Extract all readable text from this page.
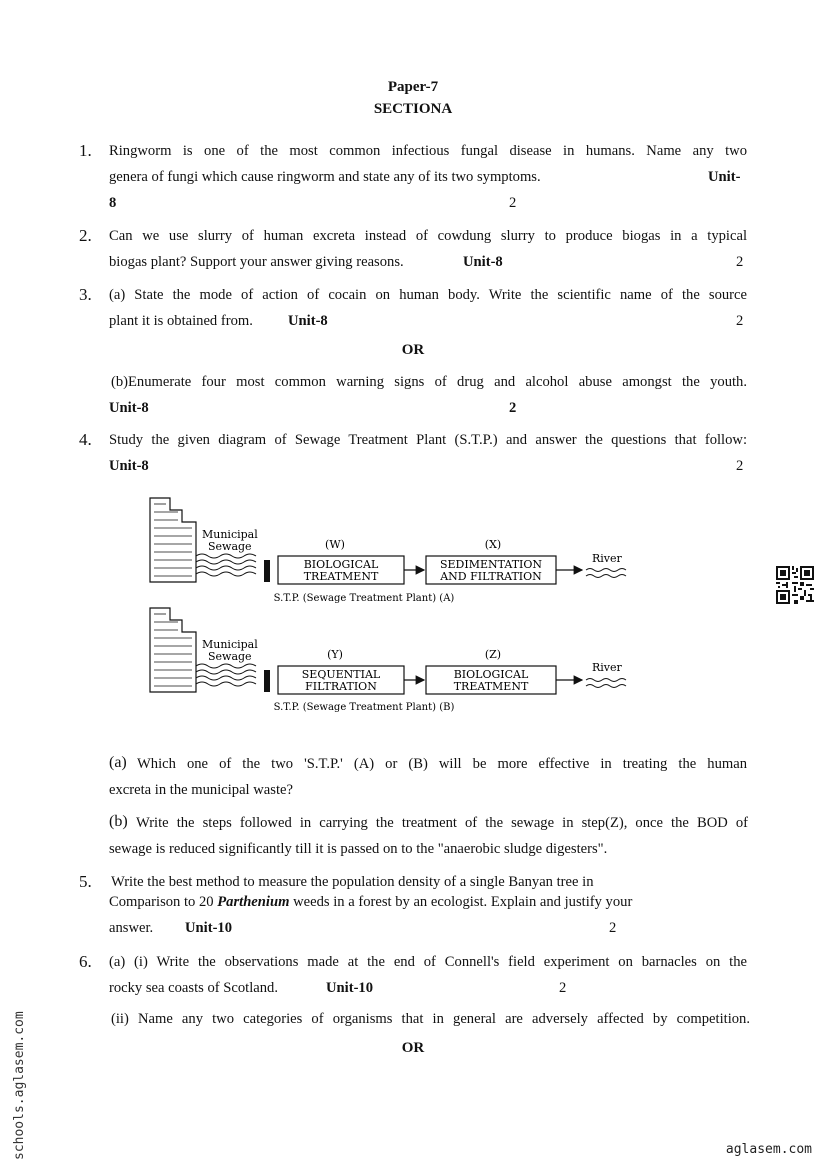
Paper-7
SECTIONA
1. Ringworm is one of the most common infectious fungal disease in humans. Name any two
genera of fungi which cause ringworm and state any of its two symptoms.	Unit-
8	2
2. Can we use slurry of human excreta instead of cowdung slurry to produce biogas in a typical
biogas plant? Support your answer giving reasons.	Unit-8	2
3. (a) State the mode of action of cocain on human body. Write the scientific name of the source
plant it is obtained from. Unit-8	2
OR
(b)Enumerate four most common warning signs of drug and alcohol abuse amongst the youth.
Unit-8	2
4. Study the given diagram of Sewage Treatment Plant (S.T.P.) and answer the questions that follow:
Unit-8	2
Municipal
Sewage	(W)
BIOLOGICAL
TREATMENT
(X)
SEDIMENTATION
AND FILTRATION
River
S.T.P. (Sewage Treatment Plant) (A)
Municipal
Sewage	(Y)
SEQUENTIAL
FILTRATION
(Z)
BIOLOGICAL
TREATMENT
River
S.T.P. (Sewage Treatment Plant) (B)
(a) Which one of the two 'S.T.P.' (A) or (B) will be more effective in treating the human
excreta in the municipal waste?
(b) Write the steps followed in carrying the treatment of the sewage in step(Z), once the BOD of
sewage is reduced significantly till it is passed on to the "anaerobic sludge digesters".
5. Write the best method to measure the population density of a single Banyan tree in
Comparison to 20 Parthenium weeds in a forest by an ecologist. Explain and justify your
answer. Unit-10	2
6. (a) (i) Write the observations made at the end of Connell's field experiment on barnacles on the
rocky sea coasts of Scotland.	Unit-10	2
(ii) Name any two categories of organisms that in general are adversely affected by competition.
OR
schools.aglasem.com	aglasem.com
